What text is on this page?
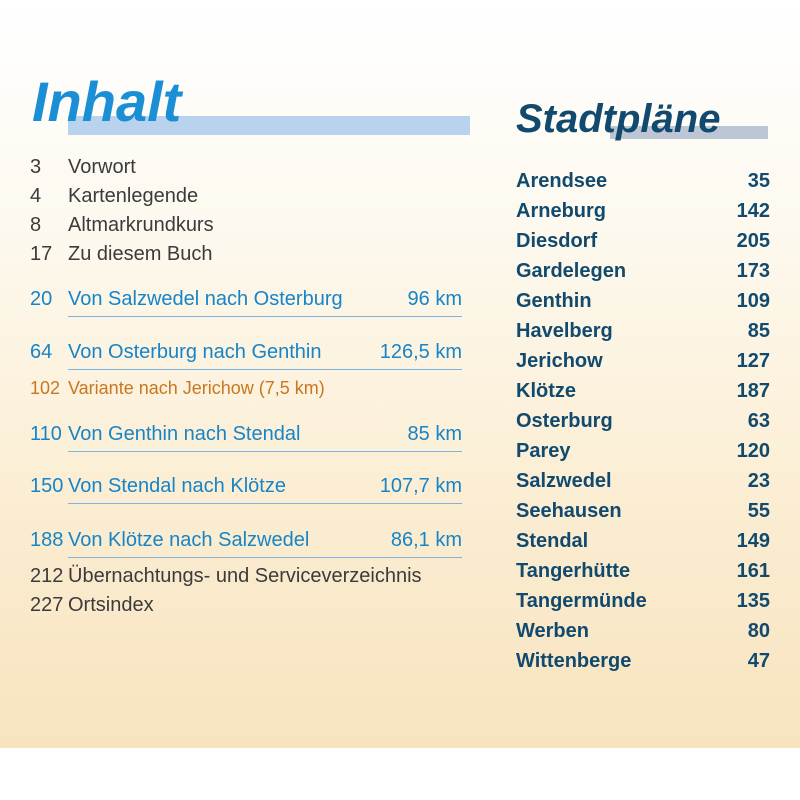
Inhalt	Stadtpläne
3 Vorwort
4 Kartenlegende
8 Altmarkrundkurs
17 Zu diesem Buch
20 Von Salzwedel nach Osterburg	96 km
64 Von Osterburg nach Genthin	126,5 km
102 Variante nach Jerichow (7,5 km)
110 Von Genthin nach Stendal	85 km
150 Von Stendal nach Klötze	107,7 km
188 Von Klötze nach Salzwedel	86,1 km
212 Übernachtungs- und Serviceverzeichnis
227 Ortsindex
Arendsee	35
Arneburg	142
Diesdorf	205
Gardelegen	173
Genthin	109
Havelberg	85
Jerichow	127
Klötze	187
Osterburg	63
Parey	120
Salzwedel	23
Seehausen	55
Stendal	149
Tangerhütte	161
Tangermünde	135
Werben	80
Wittenberge	47
